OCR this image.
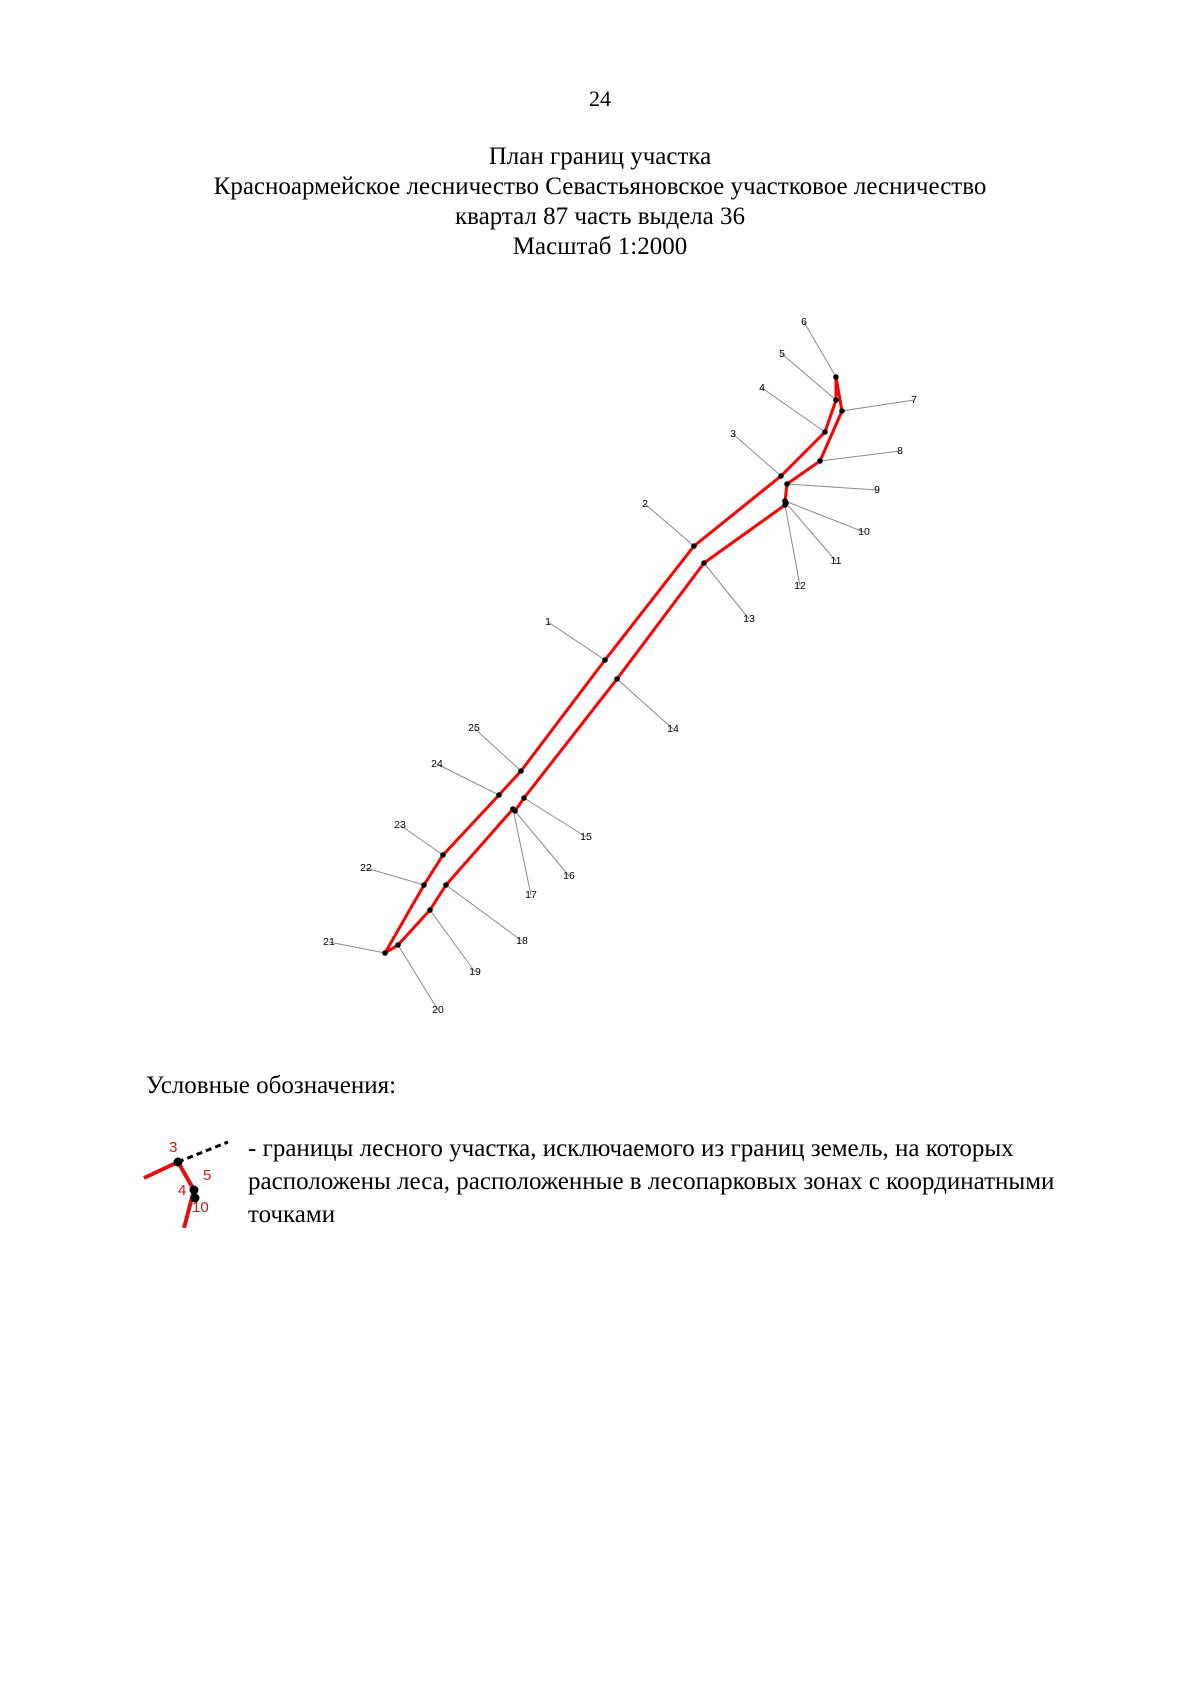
24
План границ участка
Красноармейское лесничество Севастьяновское участковое лесничество
квартал 87 часть выдела 36
Масштаб 1:2000
1
2
3
4
5
6
7
8
9
10
11
12
13
14
15
16
17
18
19
20
21
22
23
24
25
Условные обозначения:
3
5
4
10
- границы лесного участка, исключаемого из границ земель, на которых расположены леса, расположенные в лесопарковых зонах с координатными точками
